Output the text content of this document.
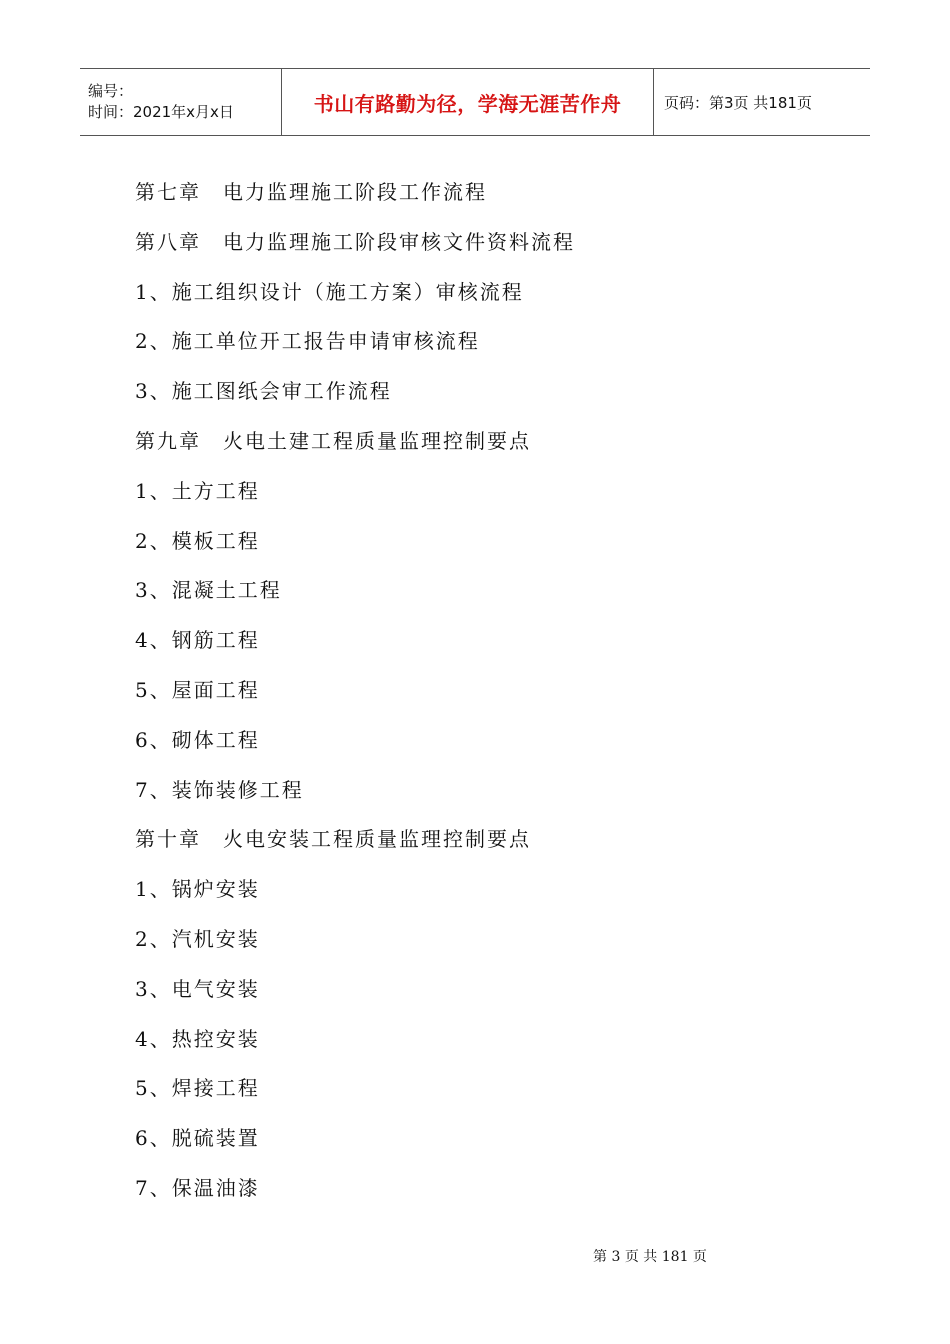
编号：
时间：2021年x月x日	书山有路勤为径，学海无涯苦作舟	页码：第3页 共181页
第七章　电力监理施工阶段工作流程
第八章　电力监理施工阶段审核文件资料流程
1、施工组织设计（施工方案）审核流程
2、施工单位开工报告申请审核流程
3、施工图纸会审工作流程
第九章　火电土建工程质量监理控制要点
1、土方工程
2、模板工程
3、混凝土工程
4、钢筋工程
5、屋面工程
6、砌体工程
7、装饰装修工程
第十章　火电安装工程质量监理控制要点
1、锅炉安装
2、汽机安装
3、电气安装
4、热控安装
5、焊接工程
6、脱硫装置
7、保温油漆
第 3 页 共 181 页
